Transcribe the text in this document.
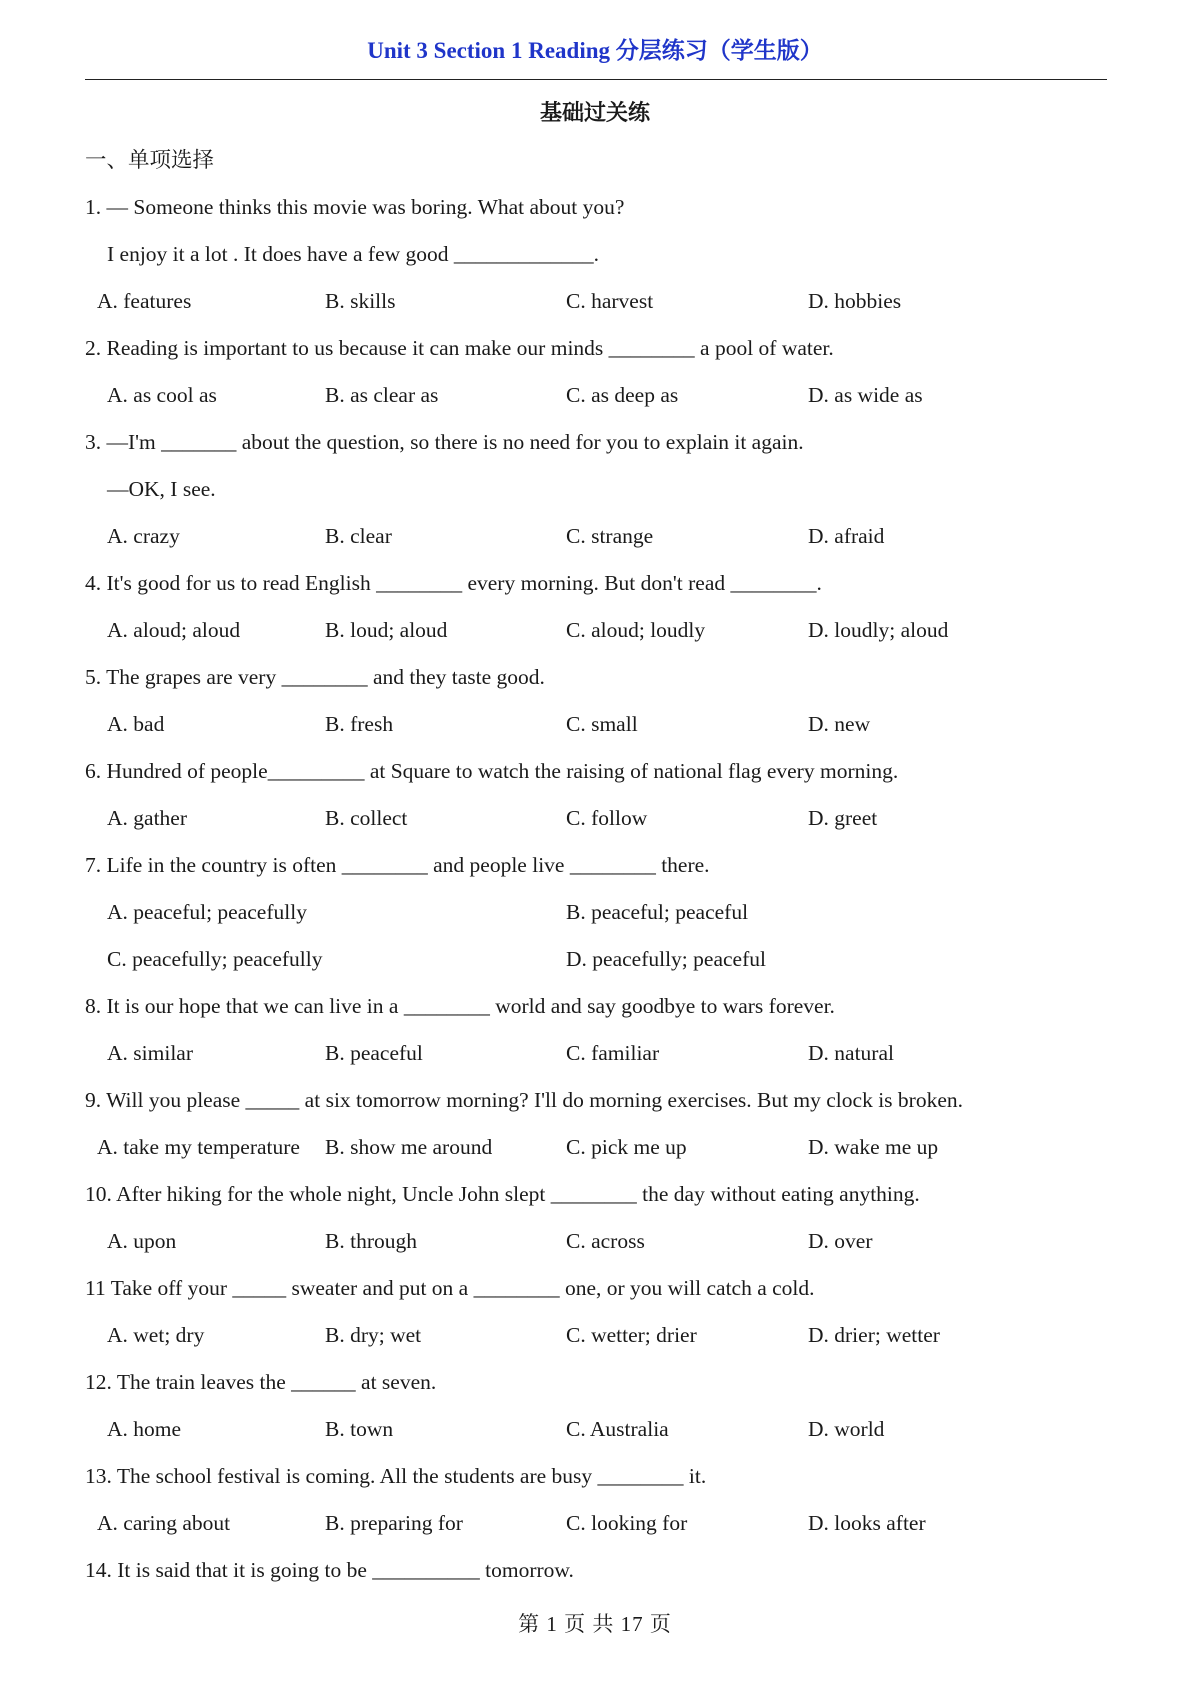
Unit 3 Section 1 Reading 分层练习（学生版）
基础过关练
一、单项选择
1. — Someone thinks this movie was boring. What about you?
I enjoy it a lot . It does have a few good _____________.
A. features	B. skills	C. harvest	D. hobbies
2. Reading is important to us because it can make our minds ________ a pool of water.
A. as cool as	B. as clear as	C. as deep as	D. as wide as
3. —I'm _______ about the question, so there is no need for you to explain it again.
—OK, I see.
A. crazy	B. clear	C. strange	D. afraid
4. It's good for us to read English ________ every morning. But don't read ________.
A. aloud; aloud	B. loud; aloud	C. aloud; loudly	D. loudly; aloud
5. The grapes are very ________ and they taste good.
A. bad	B. fresh	C. small	D. new
6. Hundred of people_________ at Square to watch the raising of national flag every morning.
A. gather	B. collect	C. follow	D. greet
7. Life in the country is often ________ and people live ________ there.
A. peaceful; peacefully	B. peaceful; peaceful
C. peacefully; peacefully	D. peacefully; peaceful
8. It is our hope that we can live in a ________ world and say goodbye to wars forever.
A. similar	B. peaceful	C. familiar	D. natural
9. Will you please _____ at six tomorrow morning? I'll do morning exercises. But my clock is broken.
A. take my temperature B. show me around	C. pick me up	D. wake me up
10. After hiking for the whole night, Uncle John slept ________ the day without eating anything.
A. upon	B. through	C. across	D. over
11 Take off your _____ sweater and put on a ________ one, or you will catch a cold.
A. wet; dry	B. dry; wet	C. wetter; drier	D. drier; wetter
12. The train leaves the ______ at seven.
A. home	B. town	C. Australia	D. world
13. The school festival is coming. All the students are busy ________ it.
A. caring about	B. preparing for	C. looking for	D. looks after
14. It is said that it is going to be __________ tomorrow.
第 1 页 共 17 页
